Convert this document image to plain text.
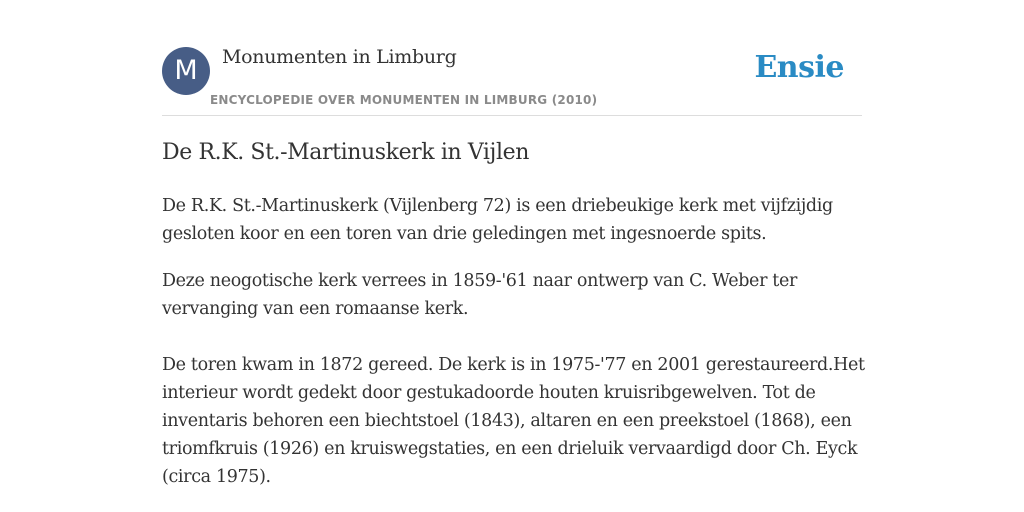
M	Monumenten in Limburg
ENCYCLOPEDIE OVER MONUMENTEN IN LIMBURG (2010)
Ensie
De R.K. St.-Martinuskerk in Vijlen

De R.K. St.-Martinuskerk (Vijlenberg 72) is een driebeukige kerk met vijfzijdig
gesloten koor en een toren van drie geledingen met ingesnoerde spits.

Deze neogotische kerk verrees in 1859-'61 naar ontwerp van C. Weber ter
vervanging van een romaanse kerk.

De toren kwam in 1872 gereed. De kerk is in 1975-'77 en 2001 gerestaureerd.Het
interieur wordt gedekt door gestukadoorde houten kruisribgewelven. Tot de
inventaris behoren een biechtstoel (1843), altaren en een preekstoel (1868), een
triomfkruis (1926) en kruiswegstaties, en een drieluik vervaardigd door Ch. Eyck
(circa 1975).
